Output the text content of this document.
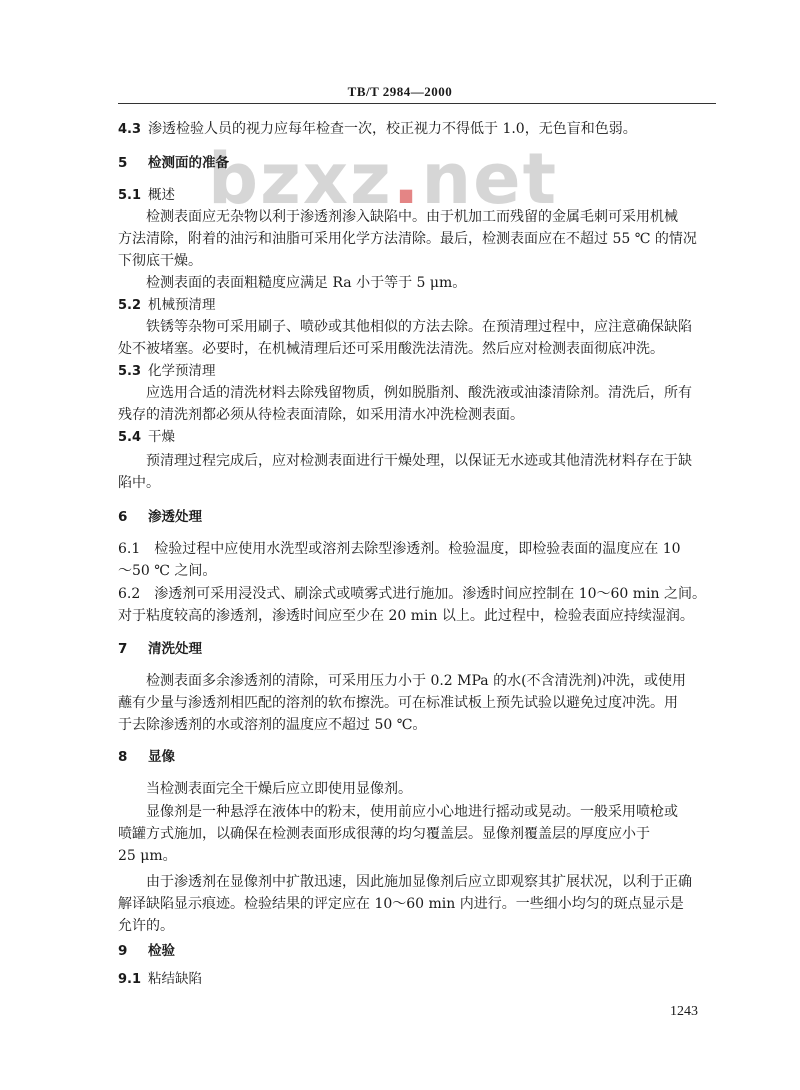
TB/T 2984—2000
bzxz.net
4.3 渗透检验人员的视力应每年检查一次，校正视力不得低于 1.0，无色盲和色弱。
5 检测面的准备
5.1 概述
检测表面应无杂物以利于渗透剂渗入缺陷中。由于机加工而残留的金属毛刺可采用机械
方法清除，附着的油污和油脂可采用化学方法清除。最后，检测表面应在不超过 55 ℃ 的情况
下彻底干燥。
检测表面的表面粗糙度应满足 Ra 小于等于 5 μm。
5.2 机械预清理
铁锈等杂物可采用刷子、喷砂或其他相似的方法去除。在预清理过程中，应注意确保缺陷
处不被堵塞。必要时，在机械清理后还可采用酸洗法清洗。然后应对检测表面彻底冲洗。
5.3 化学预清理
应选用合适的清洗材料去除残留物质，例如脱脂剂、酸洗液或油漆清除剂。清洗后，所有
残存的清洗剂都必须从待检表面清除，如采用清水冲洗检测表面。
5.4 干燥
预清理过程完成后，应对检测表面进行干燥处理，以保证无水迹或其他清洗材料存在于缺
陷中。
6 渗透处理
6.1　检验过程中应使用水洗型或溶剂去除型渗透剂。检验温度，即检验表面的温度应在 10
～50 ℃ 之间。
6.2　渗透剂可采用浸没式、刷涂式或喷雾式进行施加。渗透时间应控制在 10～60 min 之间。
对于粘度较高的渗透剂，渗透时间应至少在 20 min 以上。此过程中，检验表面应持续湿润。
7 清洗处理
检测表面多余渗透剂的清除，可采用压力小于 0.2 MPa 的水(不含清洗剂)冲洗，或使用
蘸有少量与渗透剂相匹配的溶剂的软布擦洗。可在标准试板上预先试验以避免过度冲洗。用
于去除渗透剂的水或溶剂的温度应不超过 50 ℃。
8 显像
当检测表面完全干燥后应立即使用显像剂。
显像剂是一种悬浮在液体中的粉末，使用前应小心地进行摇动或晃动。一般采用喷枪或
喷罐方式施加，以确保在检测表面形成很薄的均匀覆盖层。显像剂覆盖层的厚度应小于
25 μm。
由于渗透剂在显像剂中扩散迅速，因此施加显像剂后应立即观察其扩展状况，以利于正确
解译缺陷显示痕迹。检验结果的评定应在 10～60 min 内进行。一些细小均匀的斑点显示是
允许的。
9 检验
9.1 粘结缺陷
1243
